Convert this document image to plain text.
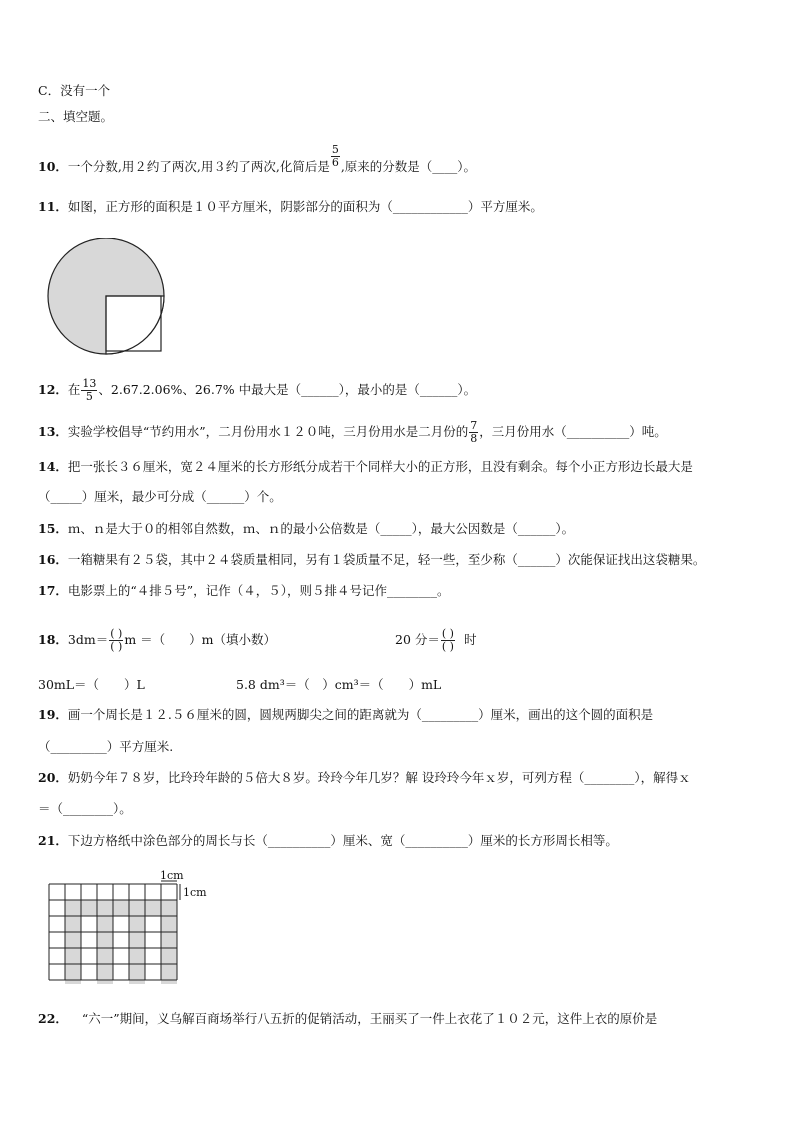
C．没有一个
二、填空题。
10．一个分数,用２约了两次,用３约了两次,化简后是 $\frac{5}{6}$ ,原来的分数是（____）。
11．如图，正方形的面积是１０平方厘米，阴影部分的面积为（____________）平方厘米。
12．在 $\frac{13}{5}$ 、2.67.2.06%、26.7% 中最大是（______），最小的是（______）。
13．实验学校倡导“节约用水”，二月份用水１２０吨，三月份用水是二月份的 $\frac{7}{8}$ ，三月份用水（__________）吨。
14．把一张长３６厘米，宽２４厘米的长方形纸分成若干个同样大小的正方形，且没有剩余。每个小正方形边长最大是
（_____）厘米，最少可分成（______）个。
15．ｍ、ｎ是大于０的相邻自然数，ｍ、ｎ的最小公倍数是（_____），最大公因数是（______）。
16．一箱糖果有２５袋，其中２４袋质量相同，另有１袋质量不足，轻一些，至少称（______）次能保证找出这袋糖果。
17．电影票上的“４排５号”，记作（４，５），则５排４号记作________。
18．$3dm= \frac{( )}{( )}$ m ＝（ ）m（填小数）	20 分＝ $\frac{( )}{( )}$ 时
30mL＝（　　）L	5.8 dm³＝（　）cm³＝（　　）mL
19．画一个周长是１２.５６厘米的圆，圆规两脚尖之间的距离就为（_________）厘米，画出的这个圆的面积是
（_________）平方厘米.
20．奶奶今年７８岁，比玲玲年龄的５倍大８岁。玲玲今年几岁？解 设玲玲今年ｘ岁，可列方程（________），解得ｘ
＝（________）。
21．下边方格纸中涂色部分的周长与长（__________）厘米、宽（__________）厘米的长方形周长相等。
1cm
1cm
22． “六一”期间，义乌解百商场举行八五折的促销活动，王丽买了一件上衣花了１０２元，这件上衣的原价是
